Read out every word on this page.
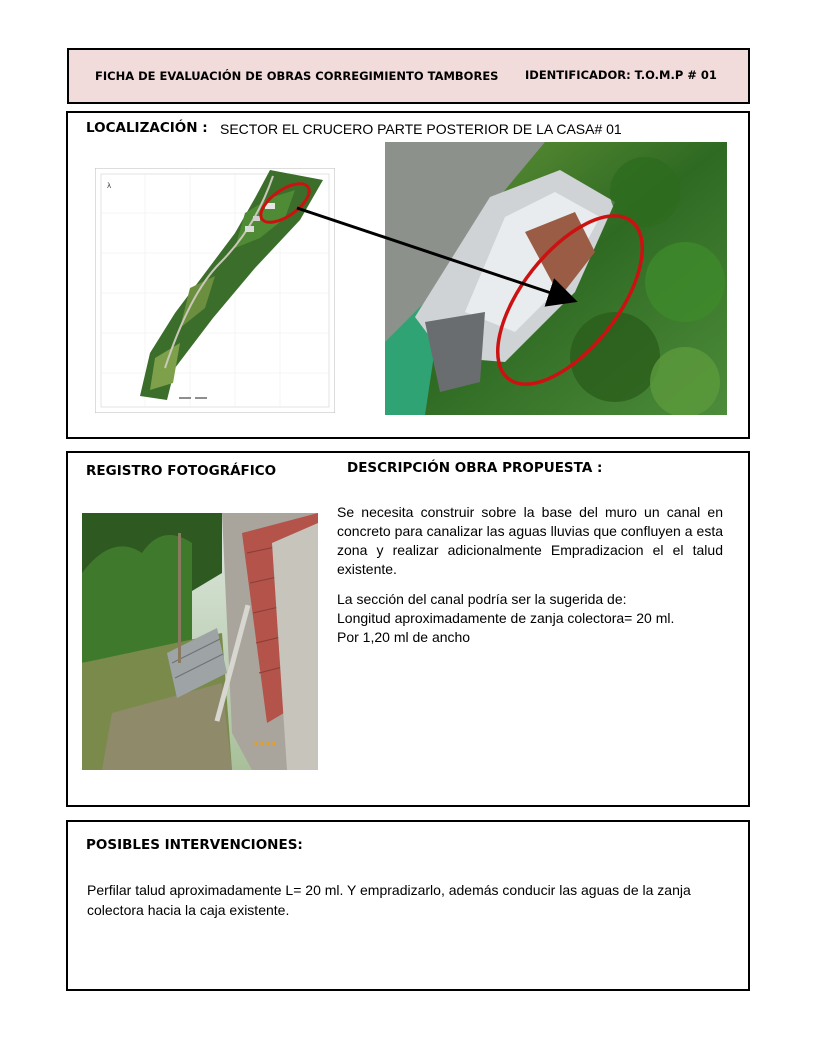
FICHA DE EVALUACIÓN DE OBRAS CORREGIMIENTO TAMBORES IDENTIFICADOR: T.O.M.P # 01
LOCALIZACIÓN : SECTOR EL CRUCERO PARTE POSTERIOR DE LA CASA# 01
λ
REGISTRO FOTOGRÁFICO	DESCRIPCIÓN OBRA PROPUESTA :

Se necesita construir sobre la base del muro un canal en concreto para canalizar las aguas lluvias que confluyen a esta zona y realizar adicionalmente Empradizacion el el talud existente.

La sección del canal podría ser la sugerida de:

Longitud aproximadamente de zanja colectora= 20 ml.

Por 1,20 ml de ancho

▪ ▪ ▪ ▪
POSIBLES INTERVENCIONES:
Perfilar talud aproximadamente L= 20 ml. Y empradizarlo, además conducir las aguas de la zanja colectora hacia la caja existente.
